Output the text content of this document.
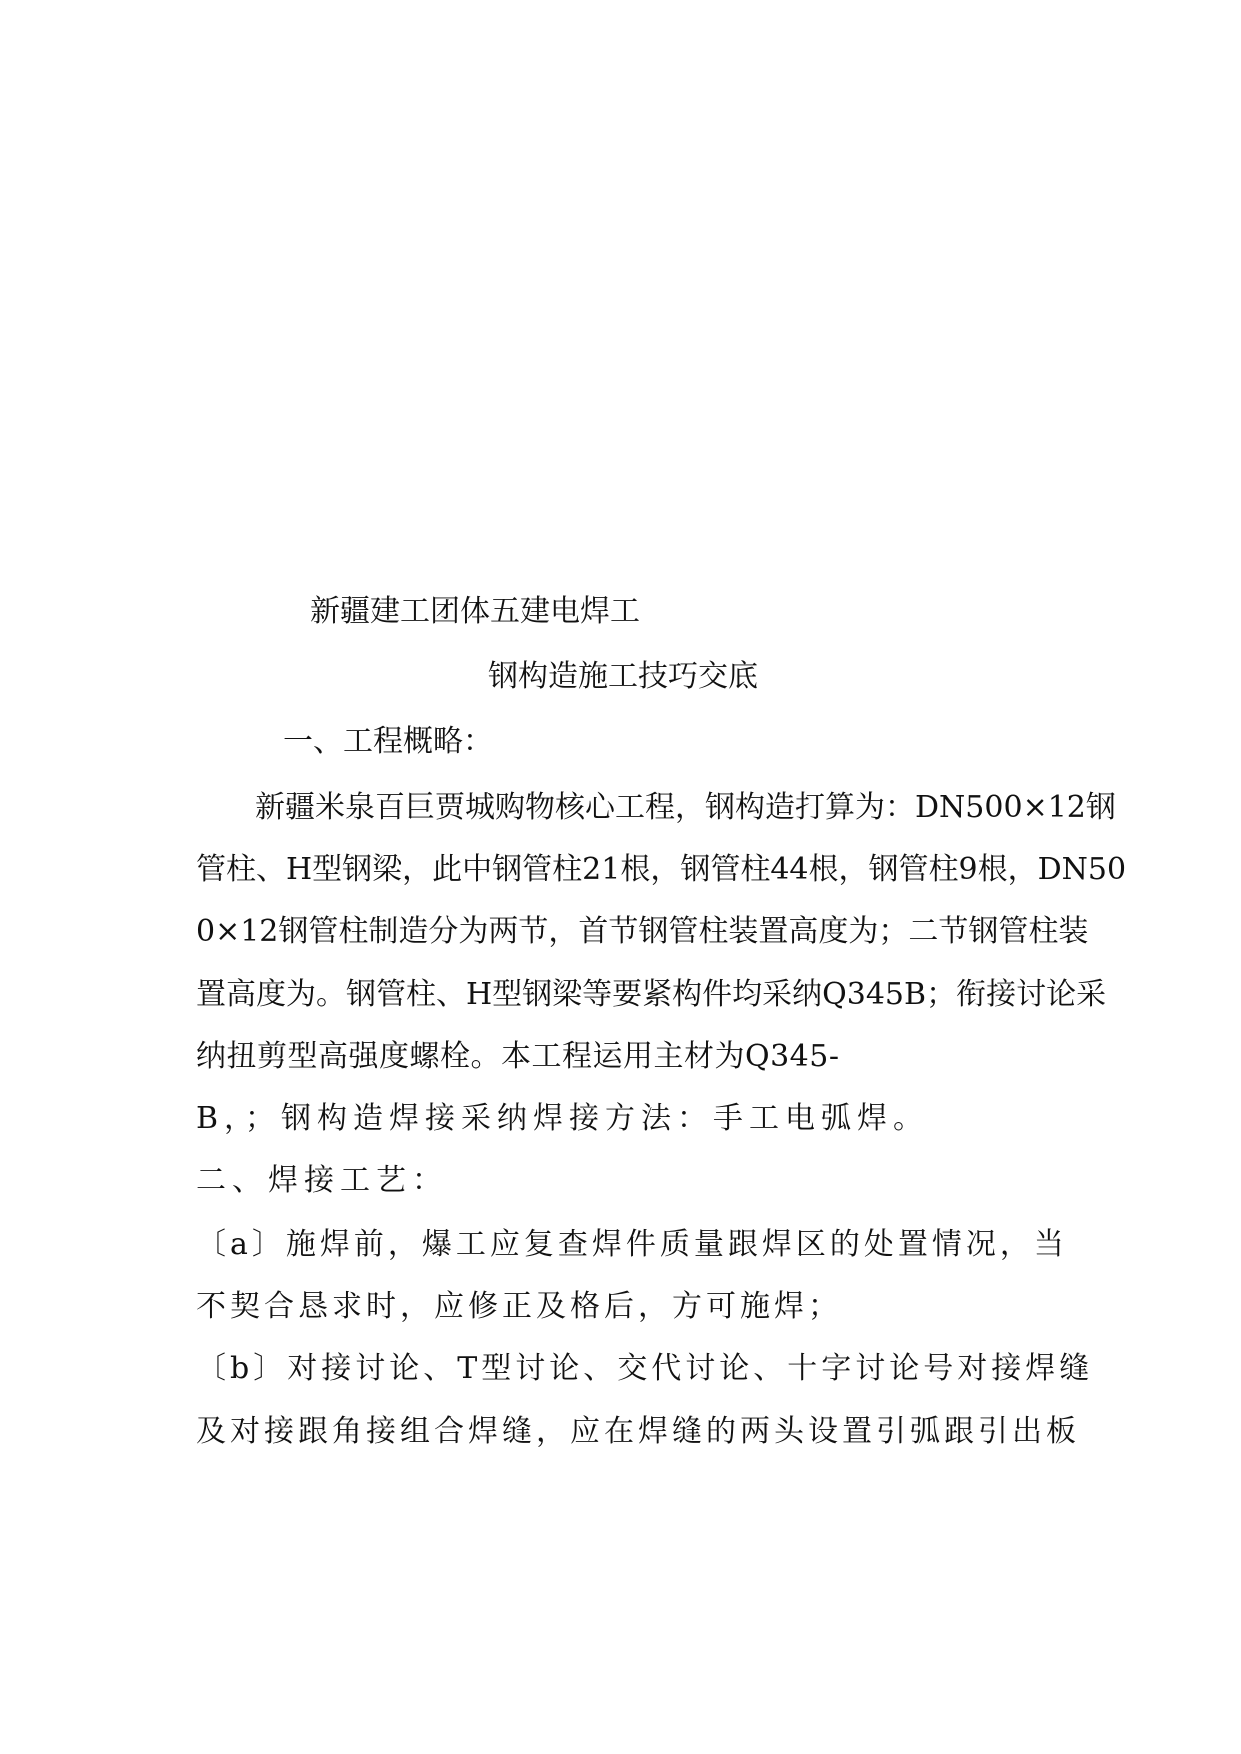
新疆建工团体五建电焊工
钢构造施工技巧交底
一、工程概略：
新疆米泉百巨贾城购物核心工程，钢构造打算为：DN500×12钢
管柱、H型钢梁，此中钢管柱21根，钢管柱44根，钢管柱9根，DN50
0×12钢管柱制造分为两节，首节钢管柱装置高度为；二节钢管柱装
置高度为。钢管柱、H型钢梁等要紧构件均采纳Q345B；衔接讨论采
纳扭剪型高强度螺栓。本工程运用主材为Q345-
B，；钢构造焊接采纳焊接方法：手工电弧焊。
二、焊接工艺：
〔a〕施焊前，爆工应复查焊件质量跟焊区的处置情况，当
不契合恳求时，应修正及格后，方可施焊；
〔b〕对接讨论、T型讨论、交代讨论、十字讨论号对接焊缝
及对接跟角接组合焊缝，应在焊缝的两头设置引弧跟引出板
